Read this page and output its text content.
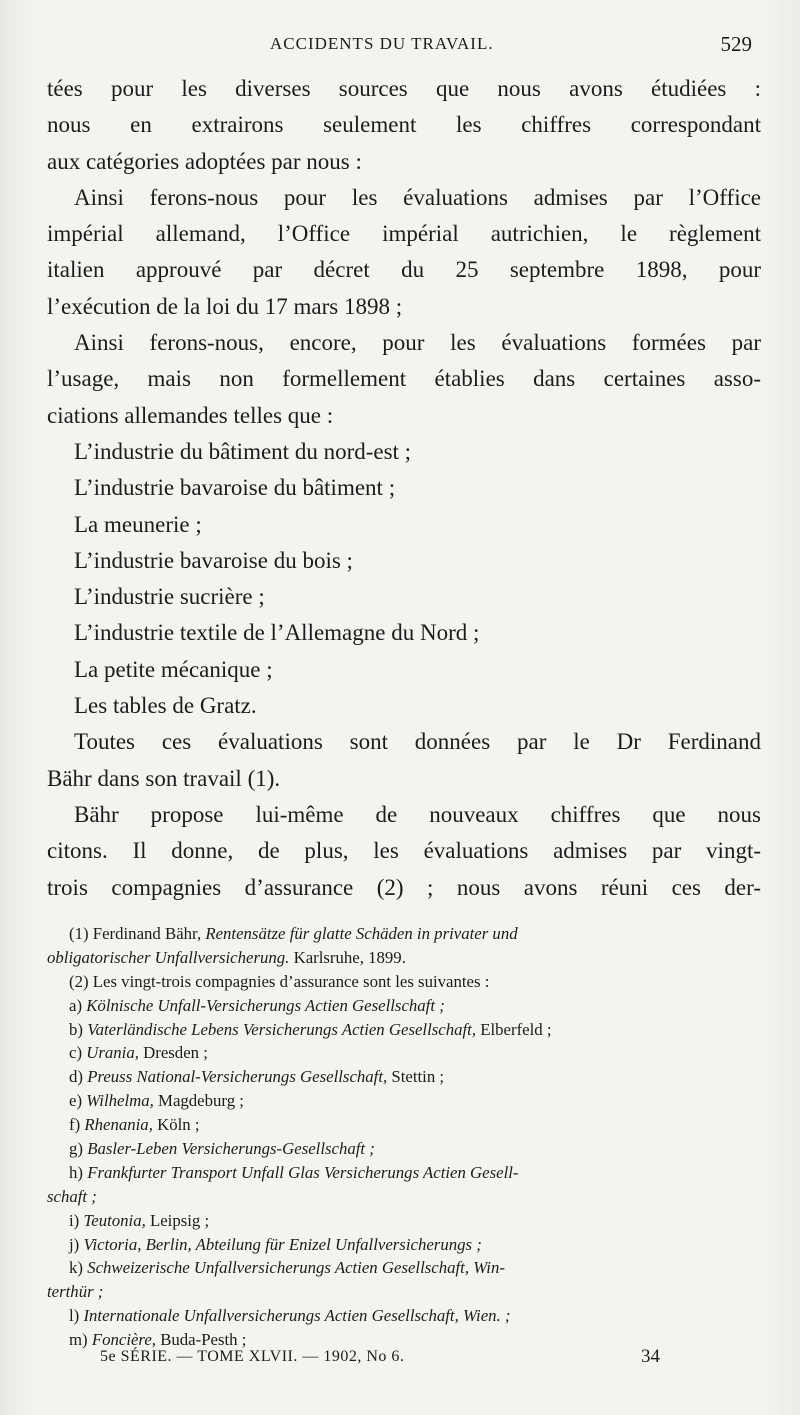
ACCIDENTS DU TRAVAIL.	529
tées pour les diverses sources que nous avons étudiées :
nous en extrairons seulement les chiffres correspondant
aux catégories adoptées par nous :
Ainsi ferons-nous pour les évaluations admises par l’Office
impérial allemand, l’Office impérial autrichien, le règlement
italien approuvé par décret du 25 septembre 1898, pour
l’exécution de la loi du 17 mars 1898 ;
Ainsi ferons-nous, encore, pour les évaluations formées par
l’usage, mais non formellement établies dans certaines asso-
ciations allemandes telles que :
L’industrie du bâtiment du nord-est ;
L’industrie bavaroise du bâtiment ;
La meunerie ;
L’industrie bavaroise du bois ;
L’industrie sucrière ;
L’industrie textile de l’Allemagne du Nord ;
La petite mécanique ;
Les tables de Gratz.
Toutes ces évaluations sont données par le Dr Ferdinand
Bähr dans son travail (1).
Bähr propose lui-même de nouveaux chiffres que nous
citons. Il donne, de plus, les évaluations admises par vingt-
trois compagnies d’assurance (2) ; nous avons réuni ces der-
(1) Ferdinand Bähr, Rentensätze für glatte Schäden in privater und
obligatorischer Unfallversicherung. Karlsruhe, 1899.
(2) Les vingt-trois compagnies d’assurance sont les suivantes :
a) Kölnische Unfall-Versicherungs Actien Gesellschaft ;
b) Vaterländische Lebens Versicherungs Actien Gesellschaft, Elberfeld ;
c) Urania, Dresden ;
d) Preuss National-Versicherungs Gesellschaft, Stettin ;
e) Wilhelma, Magdeburg ;
f) Rhenania, Köln ;
g) Basler-Leben Versicherungs-Gesellschaft ;
h) Frankfurter Transport Unfall Glas Versicherungs Actien Gesell-
schaft ;
i) Teutonia, Leipsig ;
j) Victoria, Berlin, Abteilung für Enizel Unfallversicherungs ;
k) Schweizerische Unfallversicherungs Actien Gesellschaft, Win-
terthür ;
l) Internationale Unfallversicherungs Actien Gesellschaft, Wien. ;
m) Foncière, Buda-Pesth ;
5e SÉRIE. — TOME XLVII. — 1902, No 6.	34
